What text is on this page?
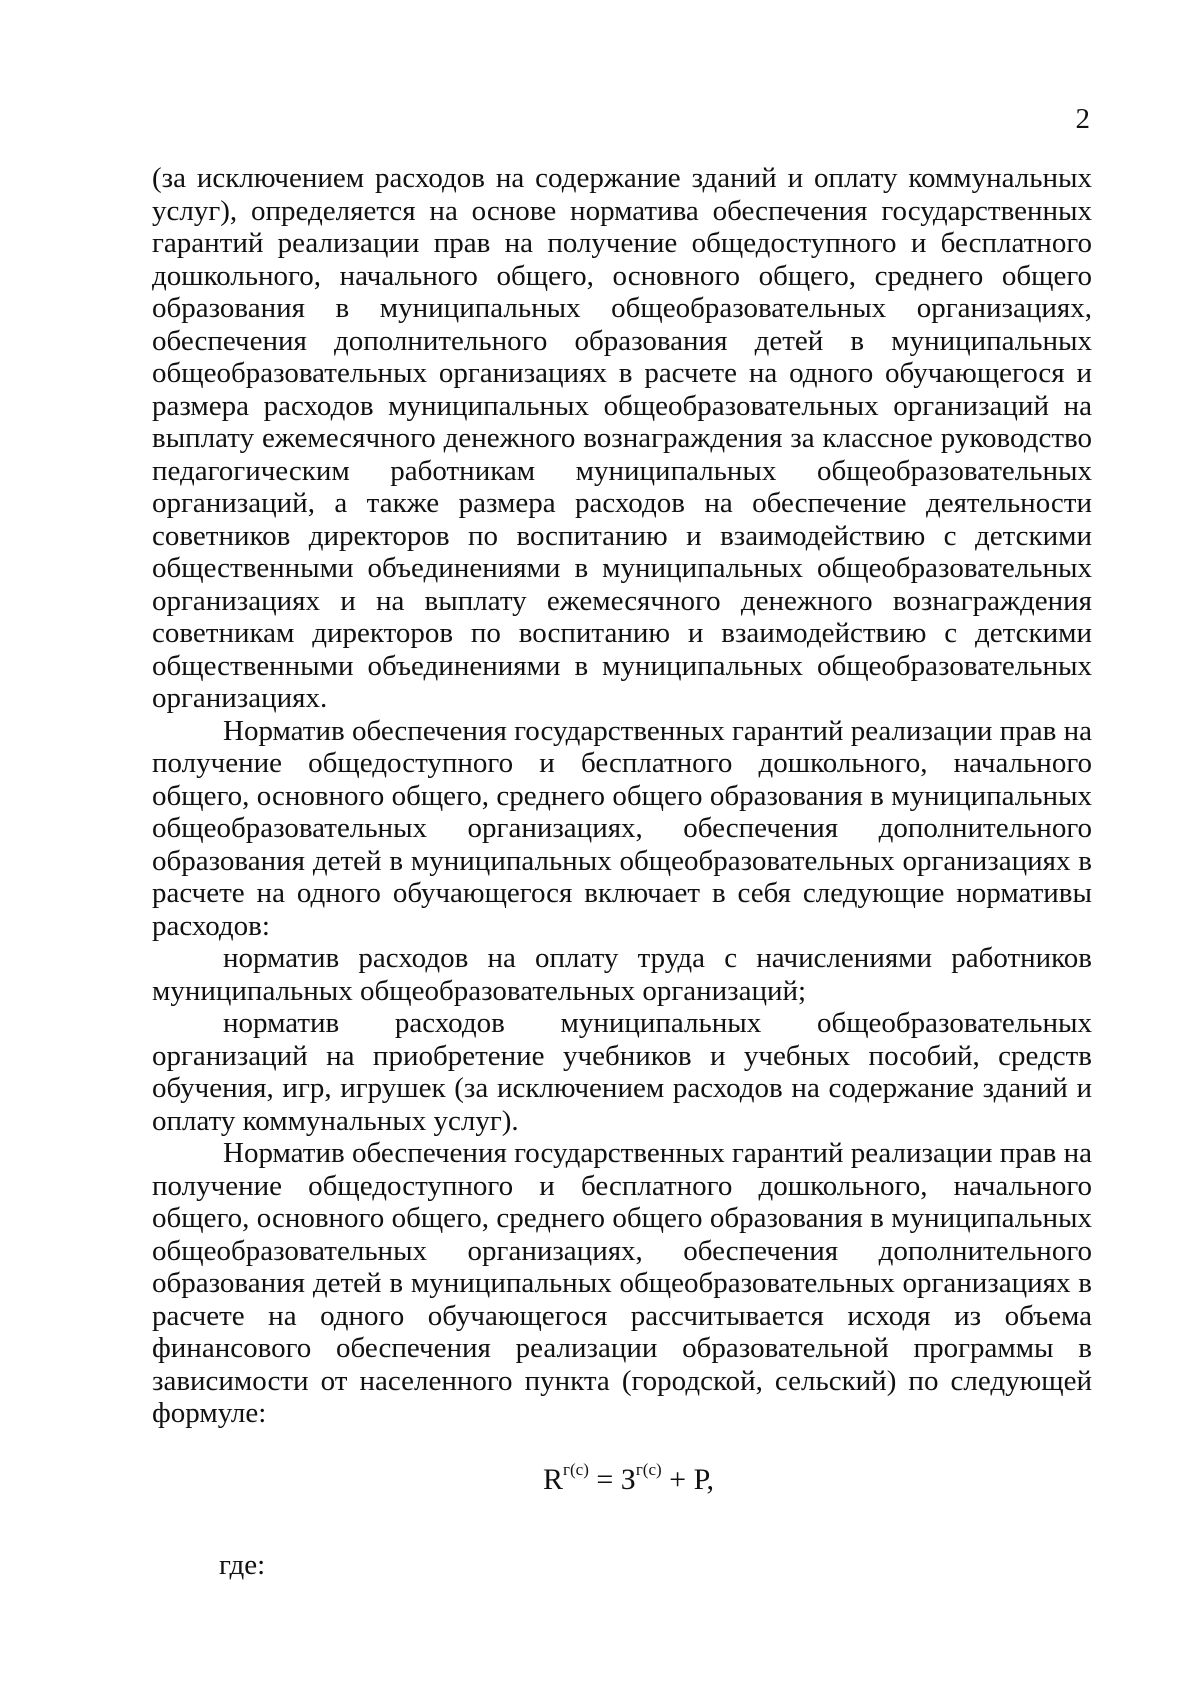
2

(за исключением расходов на содержание зданий и оплату коммунальных услуг), определяется на основе норматива обеспечения государственных гарантий реализации прав на получение общедоступного и бесплатного дошкольного, начального общего, основного общего, среднего общего образования в муниципальных общеобразовательных организациях, обеспечения дополнительного образования детей в муниципальных общеобразовательных организациях в расчете на одного обучающегося и размера расходов муниципальных общеобразовательных организаций на выплату ежемесячного денежного вознаграждения за классное руководство педагогическим работникам муниципальных общеобразовательных организаций, а также размера расходов на обеспечение деятельности советников директоров по воспитанию и взаимодействию с детскими общественными объединениями в муниципальных общеобразовательных организациях и на выплату ежемесячного денежного вознаграждения советникам директоров по воспитанию и взаимодействию с детскими общественными объединениями в муниципальных общеобразовательных организациях.

Норматив обеспечения государственных гарантий реализации прав на получение общедоступного и бесплатного дошкольного, начального общего, основного общего, среднего общего образования в муниципальных общеобразовательных организациях, обеспечения дополнительного образования детей в муниципальных общеобразовательных организациях в расчете на одного обучающегося включает в себя следующие нормативы расходов:

норматив расходов на оплату труда с начислениями работников муниципальных общеобразовательных организаций;

норматив расходов муниципальных общеобразовательных организаций на приобретение учебников и учебных пособий, средств обучения, игр, игрушек (за исключением расходов на содержание зданий и оплату коммунальных услуг).

Норматив обеспечения государственных гарантий реализации прав на получение общедоступного и бесплатного дошкольного, начального общего, основного общего, среднего общего образования в муниципальных общеобразовательных организациях, обеспечения дополнительного образования детей в муниципальных общеобразовательных организациях в расчете на одного обучающегося рассчитывается исходя из объема финансового обеспечения реализации образовательной программы в зависимости от населенного пункта (городской, сельский) по следующей формуле:

$R^{г(с)} = З^{г(с)} + Р$,
где:
